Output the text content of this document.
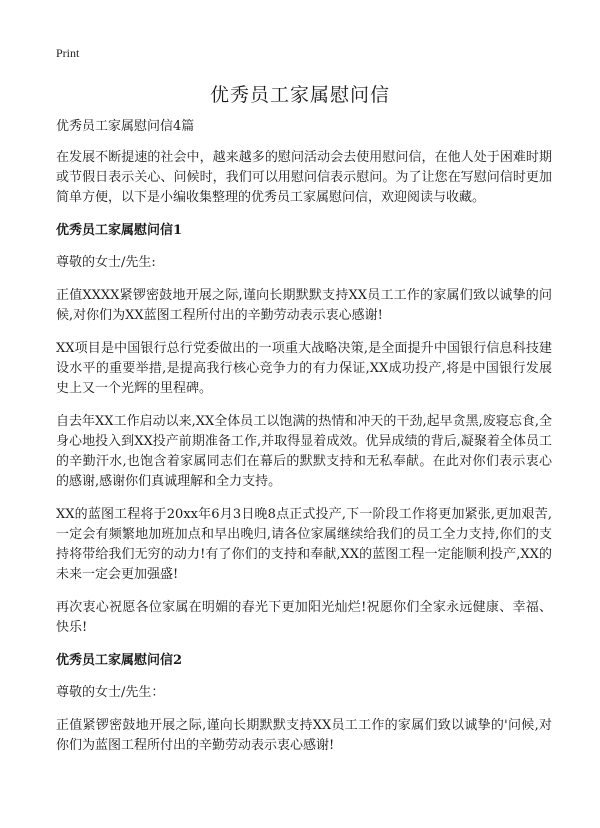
Print
优秀员工家属慰问信

优秀员工家属慰问信4篇

在发展不断提速的社会中，越来越多的慰问活动会去使用慰问信，在他人处于困难时期或节假日表示关心、问候时，我们可以用慰问信表示慰问。为了让您在写慰问信时更加简单方便，以下是小编收集整理的优秀员工家属慰问信，欢迎阅读与收藏。

优秀员工家属慰问信1

尊敬的女士/先生:

正值XXXX紧锣密鼓地开展之际,谨向长期默默支持XX员工工作的家属们致以诚挚的问候,对你们为XX蓝图工程所付出的辛勤劳动表示衷心感谢!

XX项目是中国银行总行党委做出的一项重大战略决策,是全面提升中国银行信息科技建设水平的重要举措,是提高我行核心竞争力的有力保证,XX成功投产,将是中国银行发展史上又一个光辉的里程碑。

自去年XX工作启动以来,XX全体员工以饱满的热情和冲天的干劲,起早贪黑,废寝忘食,全身心地投入到XX投产前期准备工作,并取得显着成效。优异成绩的背后,凝聚着全体员工的辛勤汗水,也饱含着家属同志们在幕后的默默支持和无私奉献。在此对你们表示衷心的感谢,感谢你们真诚理解和全力支持。

XX的蓝图工程将于20xx年6月3日晚8点正式投产,下一阶段工作将更加紧张,更加艰苦,一定会有频繁地加班加点和早出晚归,请各位家属继续给我们的员工全力支持,你们的支持将带给我们无穷的动力!有了你们的支持和奉献,XX的蓝图工程一定能顺利投产,XX的未来一定会更加强盛!

再次衷心祝愿各位家属在明媚的春光下更加阳光灿烂!祝愿你们全家永远健康、幸福、快乐!

优秀员工家属慰问信2

尊敬的女士/先生：

正值紧锣密鼓地开展之际,谨向长期默默支持XX员工工作的家属们致以诚挚的'问候,对你们为蓝图工程所付出的辛勤劳动表示衷心感谢!
